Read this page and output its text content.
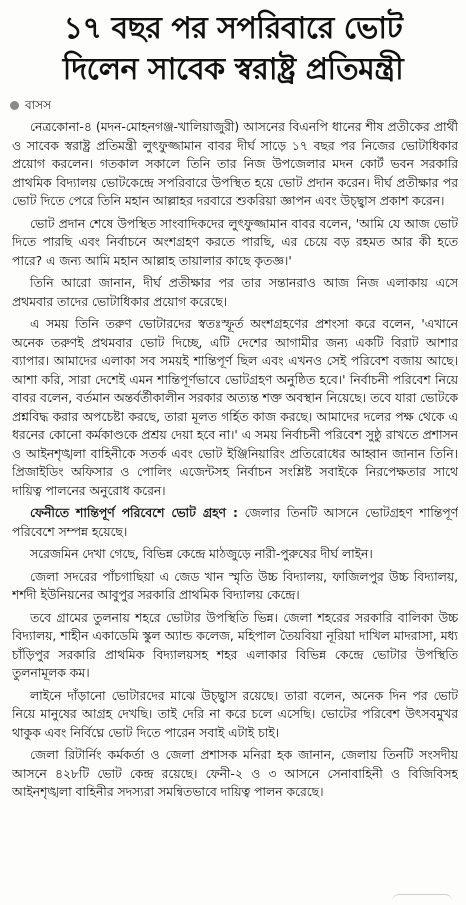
১৭ বছর পর সপরিবারে ভোট
দিলেন সাবেক স্বরাষ্ট্র প্রতিমন্ত্রী
বাসস

নেত্রকোনা-৪ (মদন-মোহনগঞ্জ-খালিয়াজুরী) আসনের বিএনপি ধানের শীষ প্রতীকের প্রার্থী ও সাবেক স্বরাষ্ট্র প্রতিমন্ত্রী লুৎফুজ্জামান বাবর দীর্ঘ সাড়ে ১৭ বছর পর নিজের ভোটাধিকার প্রয়োগ করলেন। গতকাল সকালে তিনি তার নিজ উপজেলার মদন কোর্ট ভবন সরকারি প্রাথমিক বিদ্যালয় ভোটকেন্দ্রে সপরিবারে উপস্থিত হয়ে ভোট প্রদান করেন। দীর্ঘ প্রতীক্ষার পর ভোট দিতে পেরে তিনি মহান আল্লাহর দরবারে শুকরিয়া জ্ঞাপন এবং উচ্ছ্বাস প্রকাশ করেন।

ভোট প্রদান শেষে উপস্থিত সাংবাদিকদের লুৎফুজ্জামান বাবর বলেন, 'আমি যে আজ ভোট দিতে পারছি এবং নির্বাচনে অংশগ্রহণ করতে পারছি, এর চেয়ে বড় রহমত আর কী হতে পারে? এ জন্য আমি মহান আল্লাহ তায়ালার কাছে কৃতজ্ঞ।'

তিনি আরো জানান, দীর্ঘ প্রতীক্ষার পর তার সন্তানরাও আজ নিজ এলাকায় এসে প্রথমবার তাদের ভোটাধিকার প্রয়োগ করেছে।

এ সময় তিনি তরুণ ভোটারদের স্বতঃস্ফূর্ত অংশগ্রহণের প্রশংসা করে বলেন, 'এখানে অনেক তরুণই প্রথমবার ভোট দিচ্ছে, এটি দেশের আগামীর জন্য একটি বিরাট আশার ব্যাপার। আমাদের এলাকা সব সময়ই শান্তিপূর্ণ ছিল এবং এখনও সেই পরিবেশ বজায় আছে। আশা করি, সারা দেশেই এমন শান্তিপূর্ণভাবে ভোটগ্রহণ অনুষ্ঠিত হবে।' নির্বাচনী পরিবেশ নিয়ে বাবর বলেন, বর্তমান অন্তর্বর্তীকালীন সরকার অত্যন্ত শক্ত অবস্থান নিয়েছে। তবে যারা ভোটকে প্রশ্নবিদ্ধ করার অপচেষ্টা করছে, তারা মূলত গর্হিত কাজ করছে। আমাদের দলের পক্ষ থেকে এ ধরনের কোনো কর্মকাণ্ডকে প্রশ্রয় দেয়া হবে না।' এ সময় নির্বাচনী পরিবেশ সুষ্ঠু রাখতে প্রশাসন ও আইনশৃঙ্খলা বাহিনীকে সতর্ক এবং ভোট ইঞ্জিনিয়ারিং প্রতিরোধের আহ্বান জানান তিনি। প্রিজাইডিং অফিসার ও পোলিং এজেন্টসহ নির্বাচন সংশ্লিষ্ট সবাইকে নিরপেক্ষতার সাথে দায়িত্ব পালনের অনুরোধ করেন।

ফেনীতে শান্তিপূর্ণ পরিবেশে ভোট গ্রহণ : জেলার তিনটি আসনে ভোটগ্রহণ শান্তিপূর্ণ পরিবেশে সম্পন্ন হয়েছে।

সরেজমিন দেখা গেছে, বিভিন্ন কেন্দ্রে মাঠজুড়ে নারী-পুরুষের দীর্ঘ লাইন।

জেলা সদরের পাঁচগাছিয়া এ জেড খান স্মৃতি উচ্চ বিদ্যালয়, ফাজিলপুর উচ্চ বিদ্যালয়, শর্শদী ইউনিয়নের আবুপুর সরকারি প্রাথমিক বিদ্যালয় কেন্দ্রে।

তবে গ্রামের তুলনায় শহরে ভোটার উপস্থিতি ভিন্ন। জেলা শহরের সরকারি বালিকা উচ্চ বিদ্যালয়, শাহীন একাডেমি স্কুল অ্যান্ড কলেজ, মহিপাল তৈয়বিয়া নূরিয়া দাখিল মাদরাসা, মধ্য চাঁড়িপুর সরকারি প্রাথমিক বিদ্যালয়সহ শহর এলাকার বিভিন্ন কেন্দ্রে ভোটার উপস্থিতি তুলনামূলক কম।

লাইনে দাঁড়ানো ভোটারদের মাঝে উচ্ছ্বাস রয়েছে। তারা বলেন, অনেক দিন পর ভোট নিয়ে মানুষের আগ্রহ দেখছি। তাই দেরি না করে চলে এসেছি। ভোটের পরিবেশ উৎসবমুখর থাকুক এবং নির্বিঘ্নে ভোট দিতে পারেন সবাই এটাই চাই।

জেলা রিটার্নিং কর্মকর্তা ও জেলা প্রশাসক মনিরা হক জানান, জেলায় তিনটি সংসদীয় আসনে ৪২৮টি ভোট কেন্দ্র রয়েছে। ফেনী-২ ও ৩ আসনে সেনাবাহিনী ও বিজিবিসহ আইনশৃঙ্খলা বাহিনীর সদস্যরা সমন্বিতভাবে দায়িত্ব পালন করেছে।
